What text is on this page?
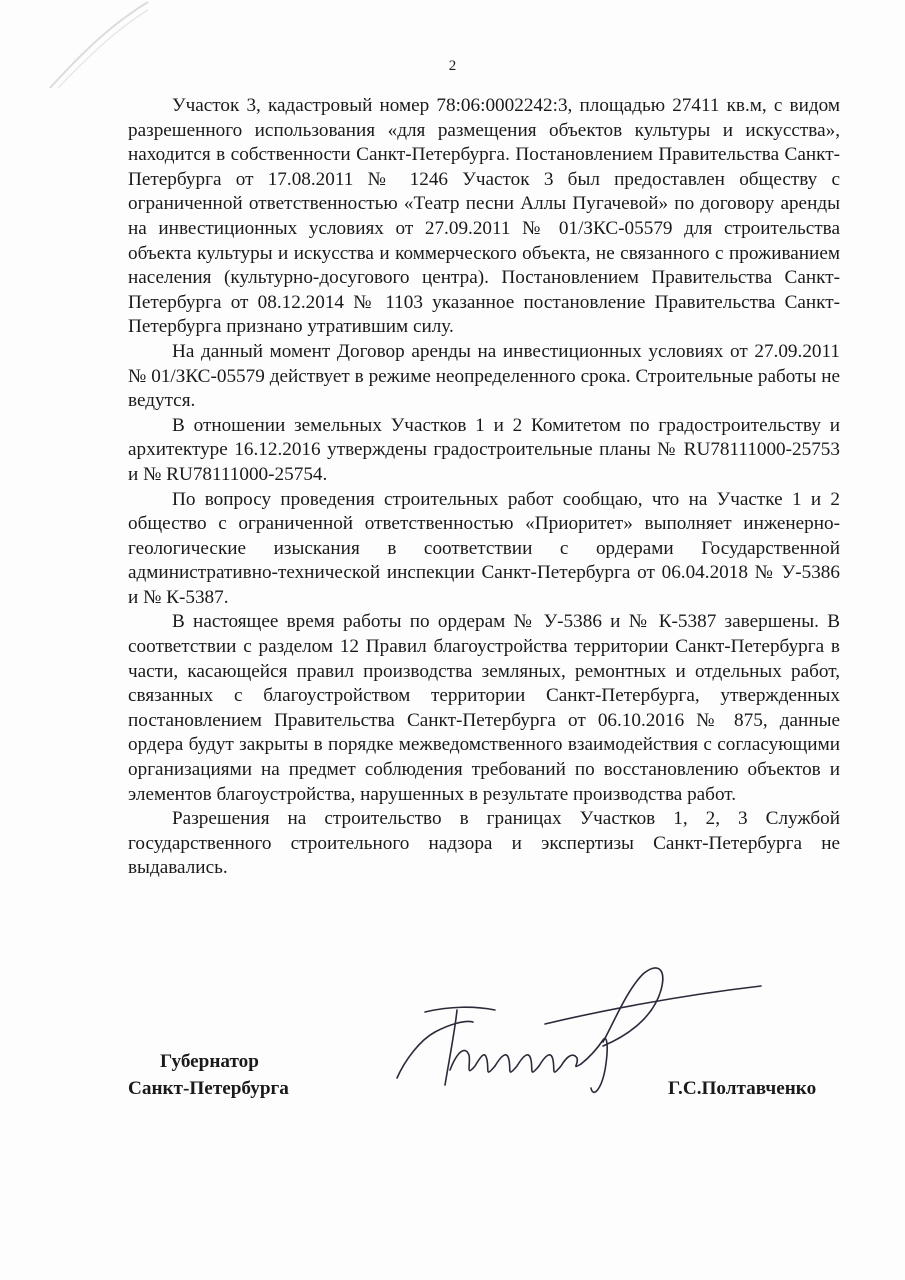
2

Участок 3, кадастровый номер 78:06:0002242:3, площадью 27411 кв.м, с видом разрешенного использования «для размещения объектов культуры и искусства», находится в собственности Санкт-Петербурга. Постановлением Правительства Санкт-Петербурга от 17.08.2011 № 1246 Участок 3 был предоставлен обществу с ограниченной ответственностью «Театр песни Аллы Пугачевой» по договору аренды на инвестиционных условиях от 27.09.2011 № 01/ЗКС-05579 для строительства объекта культуры и искусства и коммерческого объекта, не связанного с проживанием населения (культурно-досугового центра). Постановлением Правительства Санкт-Петербурга от 08.12.2014 № 1103 указанное постановление Правительства Санкт-Петербурга признано утратившим силу.

На данный момент Договор аренды на инвестиционных условиях от 27.09.2011 № 01/ЗКС-05579 действует в режиме неопределенного срока. Строительные работы не ведутся.

В отношении земельных Участков 1 и 2 Комитетом по градостроительству и архитектуре 16.12.2016 утверждены градостроительные планы № RU78111000-25753 и № RU78111000-25754.

По вопросу проведения строительных работ сообщаю, что на Участке 1 и 2 общество с ограниченной ответственностью «Приоритет» выполняет инженерно-геологические изыскания в соответствии с ордерами Государственной административно-технической инспекции Санкт-Петербурга от 06.04.2018 № У-5386 и № К-5387.

В настоящее время работы по ордерам № У-5386 и № К-5387 завершены. В соответствии с разделом 12 Правил благоустройства территории Санкт-Петербурга в части, касающейся правил производства земляных, ремонтных и отдельных работ, связанных с благоустройством территории Санкт-Петербурга, утвержденных постановлением Правительства Санкт-Петербурга от 06.10.2016 № 875, данные ордера будут закрыты в порядке межведомственного взаимодействия с согласующими организациями на предмет соблюдения требований по восстановлению объектов и элементов благоустройства, нарушенных в результате производства работ.

Разрешения на строительство в границах Участков 1, 2, 3 Службой государственного строительного надзора и экспертизы Санкт-Петербурга не выдавались.

Губернатор
Санкт-Петербурга	Г.С.Полтавченко
